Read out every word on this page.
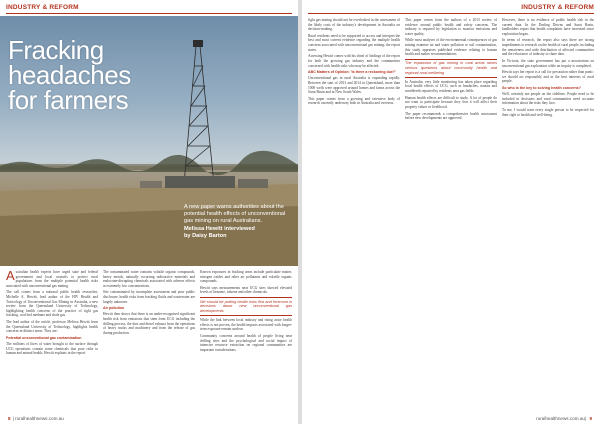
INDUSTRY & REFORM
Fracking
headaches
for farmers
A new paper warns authorities about the potential health effects of unconventional gas mining on rural Australians.
Melissa Hewitt interviewed
by Daisy Barton

Australian health experts have urged state and federal government and local councils to protect rural populations from the multiple potential health risks associated with unconventional gas mining.

The call comes from a national public health researcher, Michelle A. Hewitt, lead author of the HIV Health and Toxicology of Unconventional Gas Mining in Australia, a new review from the Queensland University of Technology, highlighting health concerns of the practice of tight gas fracking, coal bed methane and shale gas.

The lead author of the article, professor Melissa Hewitt from the Queensland University of Technology, highlights health concerns in distinct areas. They are:

Potential unconventional gas contamination

The millions of litres of water brought to the surface through UCG operations contain some chemicals that pose risks to human and animal health, Hewitt explains in the report.

The contaminated water contains volatile organic compounds, heavy metals, naturally occurring radioactive materials and endocrine-disrupting chemicals associated with adverse effects at extremely low concentrations.

Site contaminated by incomplete assessment and poor public disclosure, health risks from fracking fluids and wastewater are largely unknown.

Air pollution

Hewitt then shows that there is an under-recognised significant health risk from emissions that stem from UCG including the drilling process, the dust and diesel exhaust from the operations of heavy trucks and machinery and from the release of gas during production.

Known exposures in fracking areas include particulate matter, nitrogen oxides and other air pollutants and volatile organic compounds.

Hewitt says measurements near UCG sites showed elevated levels of benzene, toluene and other chemicals.

We should be putting health risks first and foremost in decisions about new unconventional gas developments

While the link between local industry and rising acute health effects is not proven, the health impacts associated with longer-term exposure remain unclear.

Community concerns around health of people living near drilling sites and the psychological and social impact of intensive resource extraction on regional communities are important considerations.

8 | ruralhealthnews.com.au
INDUSTRY & REFORM

fight gas mining should not be overlooked in the assessment of the likely costs of the industry's development in Australia on decision-making.

Rural residents need to be supported to access and interpret the best and most current evidence regarding the multiple health concerns associated with unconventional gas mining, the report states.

Assessing Hewitt comes with his sheaf of findings of the report for both the growing gas industry and the communities concerned with health risks who may be affected.

ABC Matters of Opinion: 'Is there a reckoning due?'

Unconventional gas in rural Australia is expanding rapidly. Between the start of 2013 and 2014 in Queensland, more than 1000 wells were approved around homes and farms across the Surat Basin and in New South Wales.

This paper comes from a growing and extensive body of research currently underway both in Australia and overseas.

This paper comes from the authors of a 2013 review of evidence around public health and safety concerns. The industry is required by legislation to monitor emissions and water quality.

While most analyses of the environmental consequences of gas mining examine air and water pollution or soil contamination, this study appraises published evidence relating to human health and makes recommendations.

The expansion of gas mining in rural areas raises serious questions about community health and regional rural wellbeing

In Australia, very little monitoring has taken place regarding local health effects of UCG, such as headaches, nausea and nosebleeds reported by residents near gas fields.

Human health effects are difficult to study. A lot of people do not want to participate because they fear it will affect their property values or livelihood.

The paper recommends a comprehensive health assessment before new developments are approved.

However, there is no evidence of public health risk in the current data. In the Darling Downs and Surat Basin, landholders report that health complaints have increased since exploration began.

In terms of research, the report also says there are strong impediments to research on the health of rural people, including the remoteness and wide distribution of affected communities and the reluctance of industry to share data.

In Victoria, the state government has put a moratorium on unconventional gas exploration while an inquiry is completed.

Hewitt says her report is a call for precaution rather than panic: we should act responsibly and in the best interests of rural people.

So who is the key to solving health concerns?

Well, certainly not people on the sidelines. People need to be included in decisions and rural communities need accurate information about the risks they face.

To me, I would want every single person to be respected for their right to health and well-being.

ruralhealthnews.com.au| 9
